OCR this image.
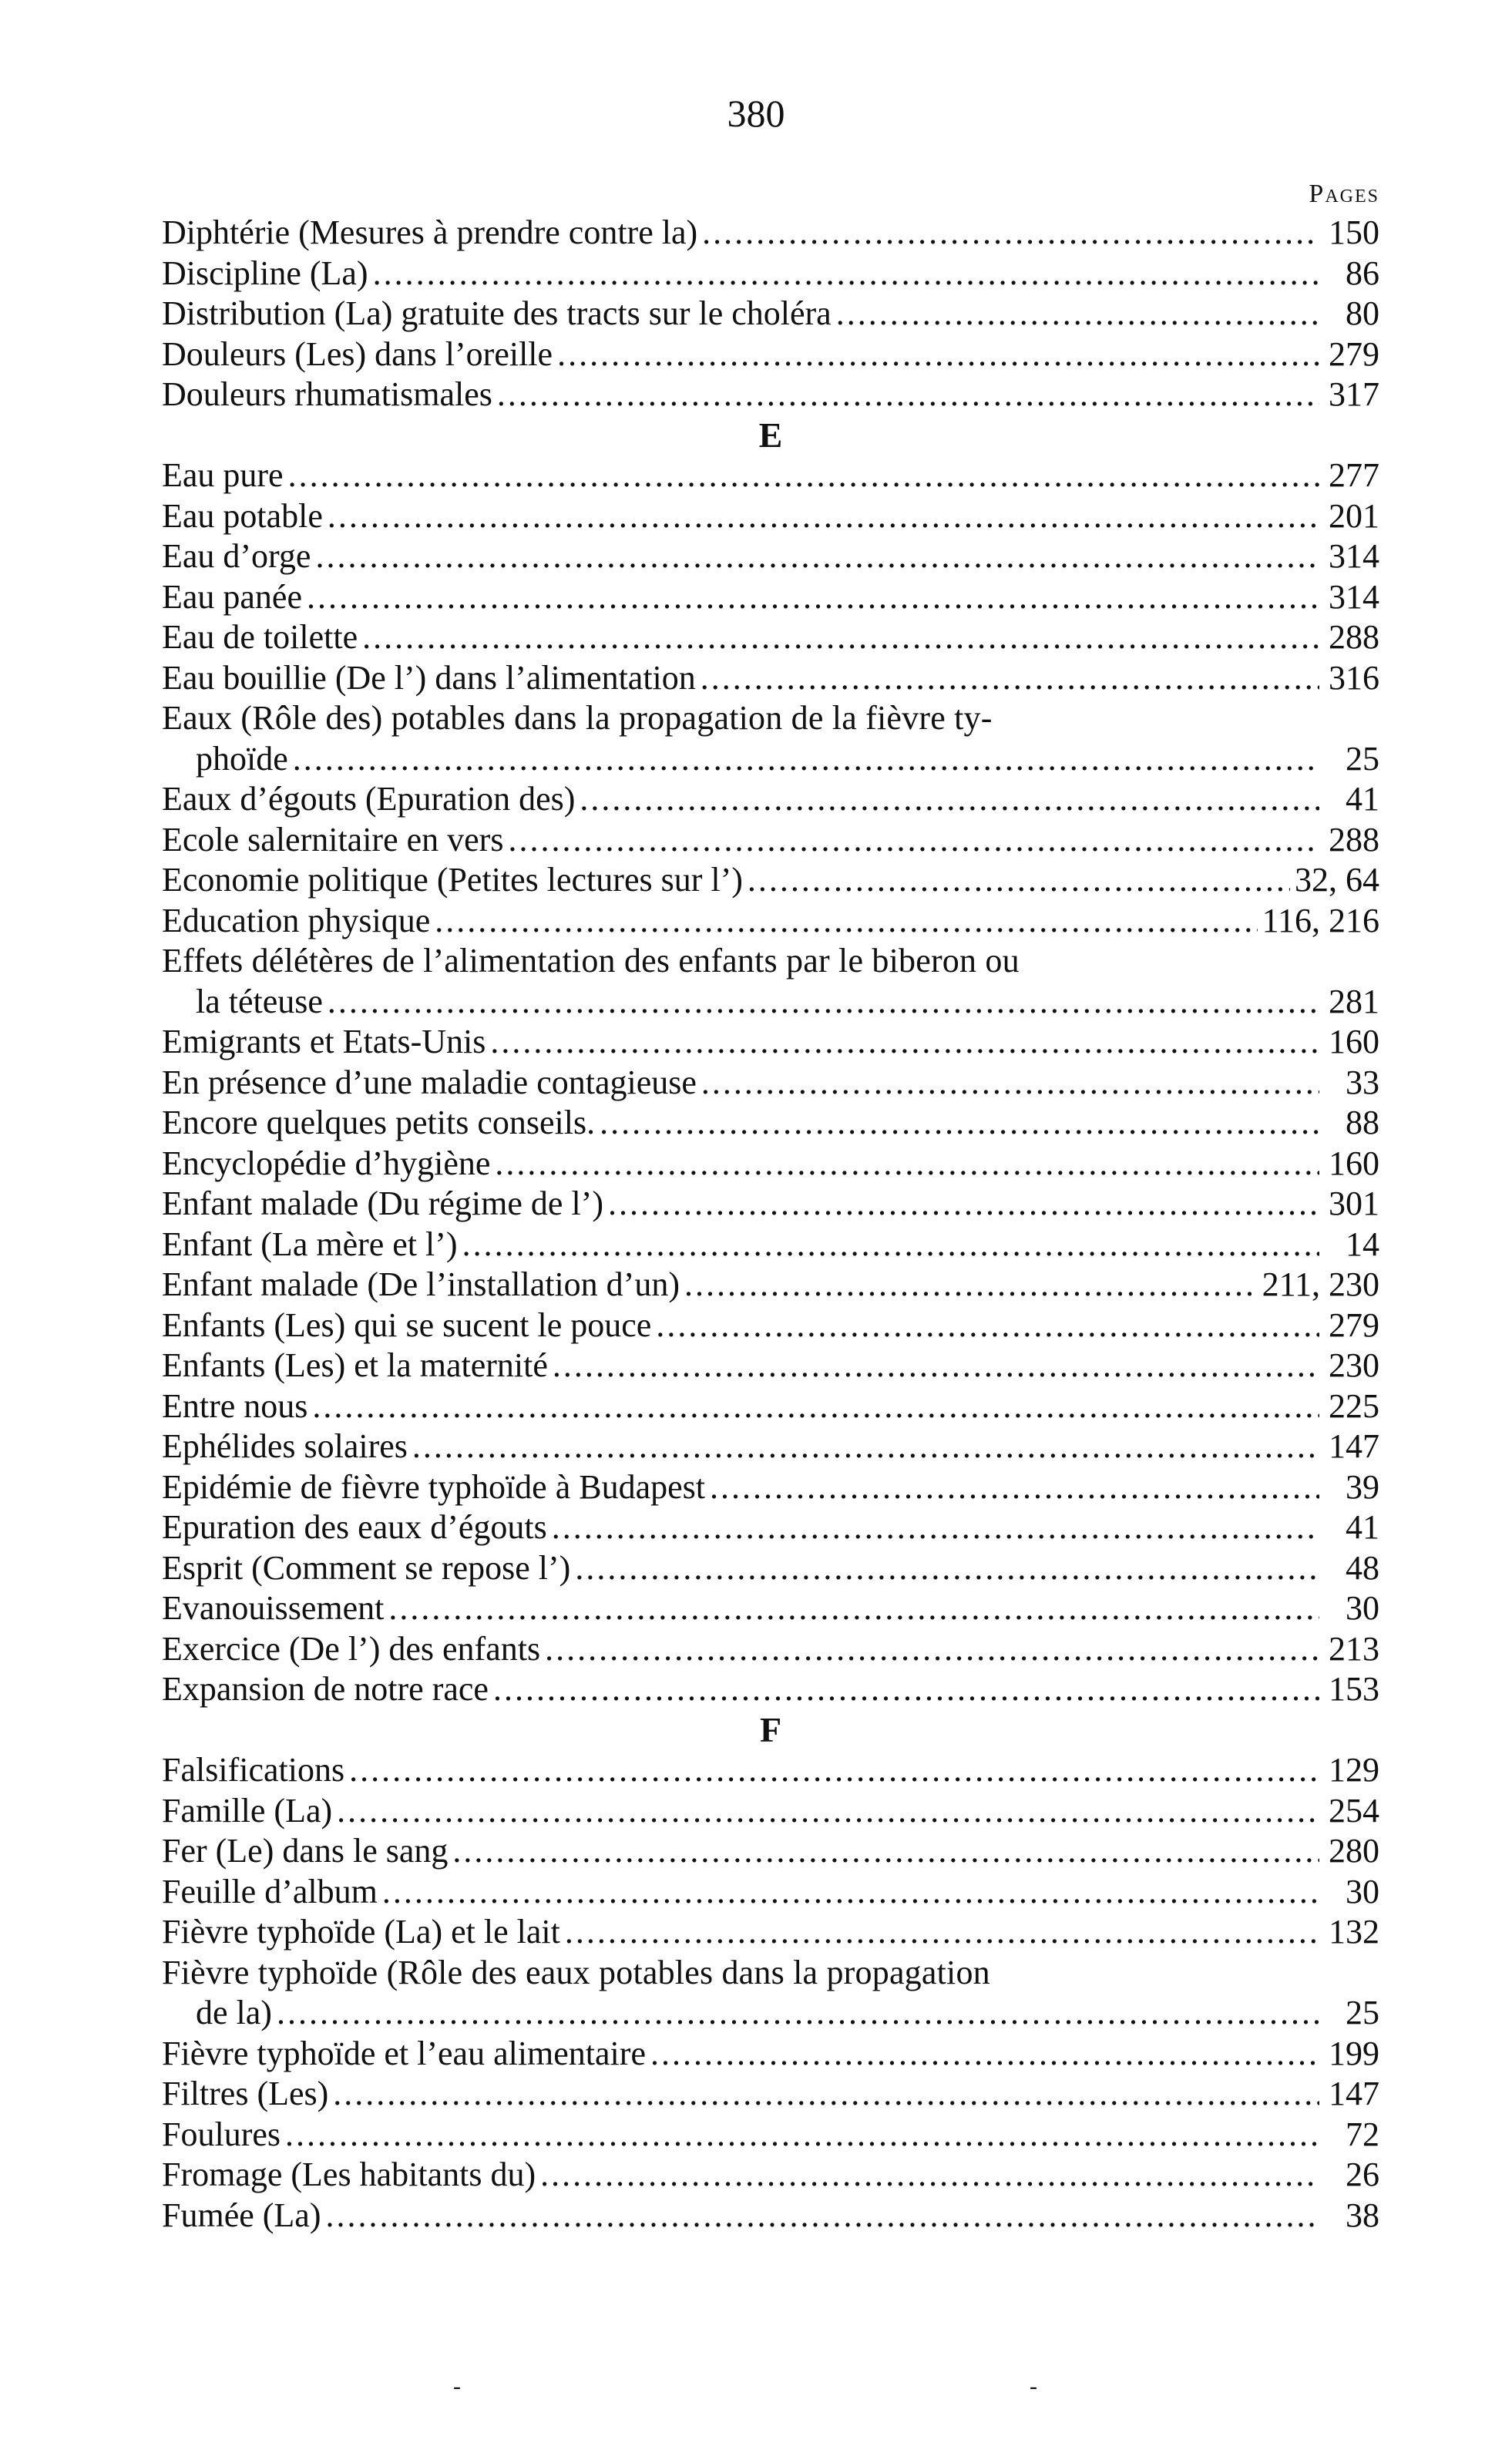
380
Pages
Diphtérie (Mesures à prendre contre la) .....	150
Discipline (La) .....	86
Distribution (La) gratuite des tracts sur le choléra .....	80
Douleurs (Les) dans l’oreille .....	279
Douleurs rhumatismales .....	317
E
Eau pure .....	277
Eau potable .....	201
Eau d’orge .....	314
Eau panée .....	314
Eau de toilette .....	288
Eau bouillie (De l’) dans l’alimentation .....	316
Eaux (Rôle des) potables dans la propagation de la fièvre ty-
phoïde .....	25
Eaux d’égouts (Epuration des) .....	41
Ecole salernitaire en vers .....	288
Economie politique (Petites lectures sur l’) .....	32, 64
Education physique .....	116, 216
Effets délétères de l’alimentation des enfants par le biberon ou
la téteuse .....	281
Emigrants et Etats-Unis .....	160
En présence d’une maladie contagieuse .....	33
Encore quelques petits conseils. .....	88
Encyclopédie d’hygiène .....	160
Enfant malade (Du régime de l’) .....	301
Enfant (La mère et l’) .....	14
Enfant malade (De l’installation d’un) .....	211, 230
Enfants (Les) qui se sucent le pouce .....	279
Enfants (Les) et la maternité .....	230
Entre nous .....	225
Ephélides solaires .....	147
Epidémie de fièvre typhoïde à Budapest .....	39
Epuration des eaux d’égouts .....	41
Esprit (Comment se repose l’) .....	48
Evanouissement .....	30
Exercice (De l’) des enfants .....	213
Expansion de notre race .....	153
F
Falsifications .....	129
Famille (La) .....	254
Fer (Le) dans le sang .....	280
Feuille d’album .....	30
Fièvre typhoïde (La) et le lait .....	132
Fièvre typhoïde (Rôle des eaux potables dans la propagation
de la) .....	25
Fièvre typhoïde et l’eau alimentaire .....	199
Filtres (Les) .....	147
Foulures .....	72
Fromage (Les habitants du) .....	26
Fumée (La) .....	38
-	-
